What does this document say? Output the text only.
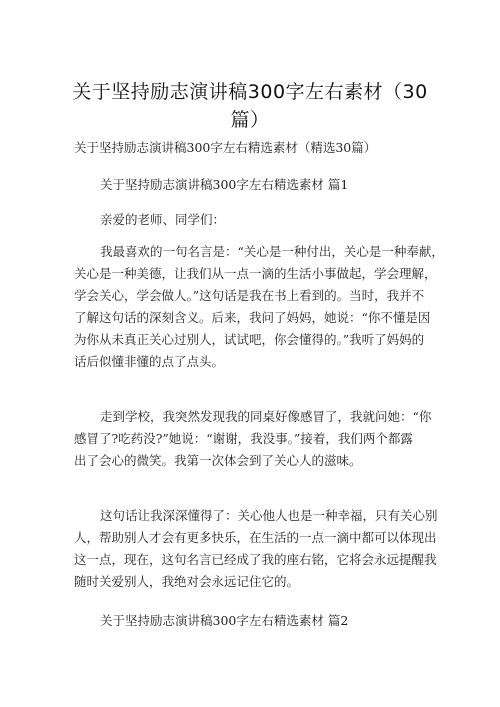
关于坚持励志演讲稿300字左右素材（30
篇）
关于坚持励志演讲稿300字左右精选素材（精选30篇）
关于坚持励志演讲稿300字左右精选素材 篇1
亲爱的老师、同学们：
我最喜欢的一句名言是：“关心是一种付出，关心是一种奉献，
关心是一种美德，让我们从一点一滴的生活小事做起，学会理解，
学会关心，学会做人。”这句话是我在书上看到的。当时，我并不
了解这句话的深刻含义。后来，我问了妈妈，她说：“你不懂是因
为你从未真正关心过别人，试试吧，你会懂得的。”我听了妈妈的
话后似懂非懂的点了点头。
走到学校，我突然发现我的同桌好像感冒了，我就问她：“你
感冒了?吃药没?”她说：“谢谢，我没事。”接着，我们两个都露
出了会心的微笑。我第一次体会到了关心人的滋味。
这句话让我深深懂得了：关心他人也是一种幸福，只有关心别
人，帮助别人才会有更多快乐，在生活的一点一滴中都可以体现出
这一点，现在，这句名言已经成了我的座右铭，它将会永远提醒我
随时关爱别人，我绝对会永远记住它的。
关于坚持励志演讲稿300字左右精选素材 篇2
